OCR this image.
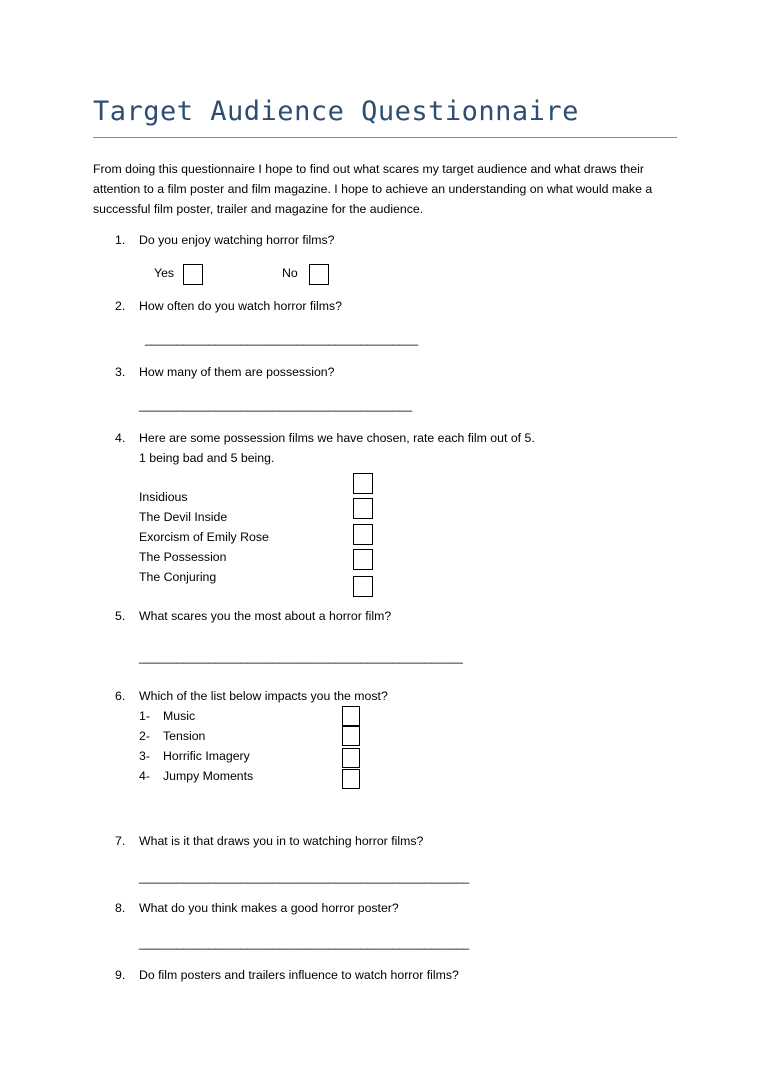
Target Audience Questionnaire
From doing this questionnaire I hope to find out what scares my target audience and what draws their attention to a film poster and film magazine. I hope to achieve an understanding on what would make a successful film poster, trailer and magazine for the audience.
1. Do you enjoy watching horror films?
Yes	No
2. How often do you watch horror films?
___________________________________________
3. How many of them are possession?
___________________________________________
4. Here are some possession films we have chosen, rate each film out of 5.
1 being bad and 5 being.
Insidious
The Devil Inside
Exorcism of Emily Rose
The Possession
The Conjuring
5. What scares you the most about a horror film?
___________________________________________________
6. Which of the list below impacts you the most?
1- Music
2- Tension
3- Horrific Imagery
4- Jumpy Moments
7. What is it that draws you in to watching horror films?
____________________________________________________
8. What do you think makes a good horror poster?
____________________________________________________
9. Do film posters and trailers influence to watch horror films?
